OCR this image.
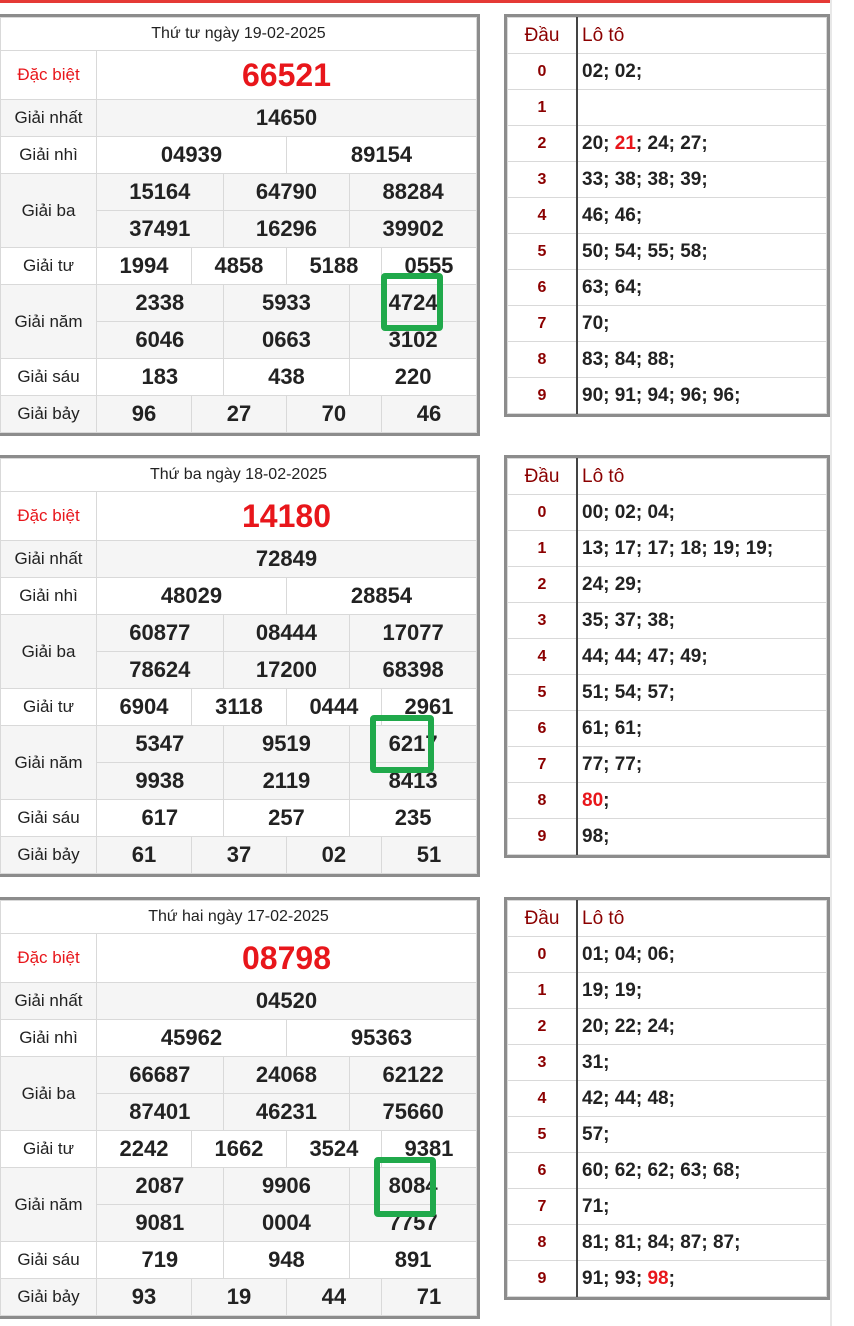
Thứ tư ngày 19-02-2025						
Đặc biệt	66521					
Giải nhất	14650					
Giải nhì	04939			89154		
Giải ba	15164		64790		88284	
	37491		16296		39902	
Giải tư	1994	4858		5188		0555
Giải năm	2338		5933		4724	
	6046		0663		3102	
Giải sáu	183		438		220	
Giải bảy	96	27		70		46
Đầu	Lô tô
0	02; 02;
1	
2	20; 21; 24; 27;
3	33; 38; 38; 39;
4	46; 46;
5	50; 54; 55; 58;
6	63; 64;
7	70;
8	83; 84; 88;
9	90; 91; 94; 96; 96;
Thứ ba ngày 18-02-2025						
Đặc biệt	14180					
Giải nhất	72849					
Giải nhì	48029			28854		
Giải ba	60877		08444		17077	
	78624		17200		68398	
Giải tư	6904	3118		0444		2961
Giải năm	5347		9519		6217	
	9938		2119		8413	
Giải sáu	617		257		235	
Giải bảy	61	37		02		51
Đầu	Lô tô
0	00; 02; 04;
1	13; 17; 17; 18; 19; 19;
2	24; 29;
3	35; 37; 38;
4	44; 44; 47; 49;
5	51; 54; 57;
6	61; 61;
7	77; 77;
8	80;
9	98;
Thứ hai ngày 17-02-2025						
Đặc biệt	08798					
Giải nhất	04520					
Giải nhì	45962			95363		
Giải ba	66687		24068		62122	
	87401		46231		75660	
Giải tư	2242	1662		3524		9381
Giải năm	2087		9906		8084	
	9081		0004		7757	
Giải sáu	719		948		891	
Giải bảy	93	19		44		71
Đầu	Lô tô
0	01; 04; 06;
1	19; 19;
2	20; 22; 24;
3	31;
4	42; 44; 48;
5	57;
6	60; 62; 62; 63; 68;
7	71;
8	81; 81; 84; 87; 87;
9	91; 93; 98;
